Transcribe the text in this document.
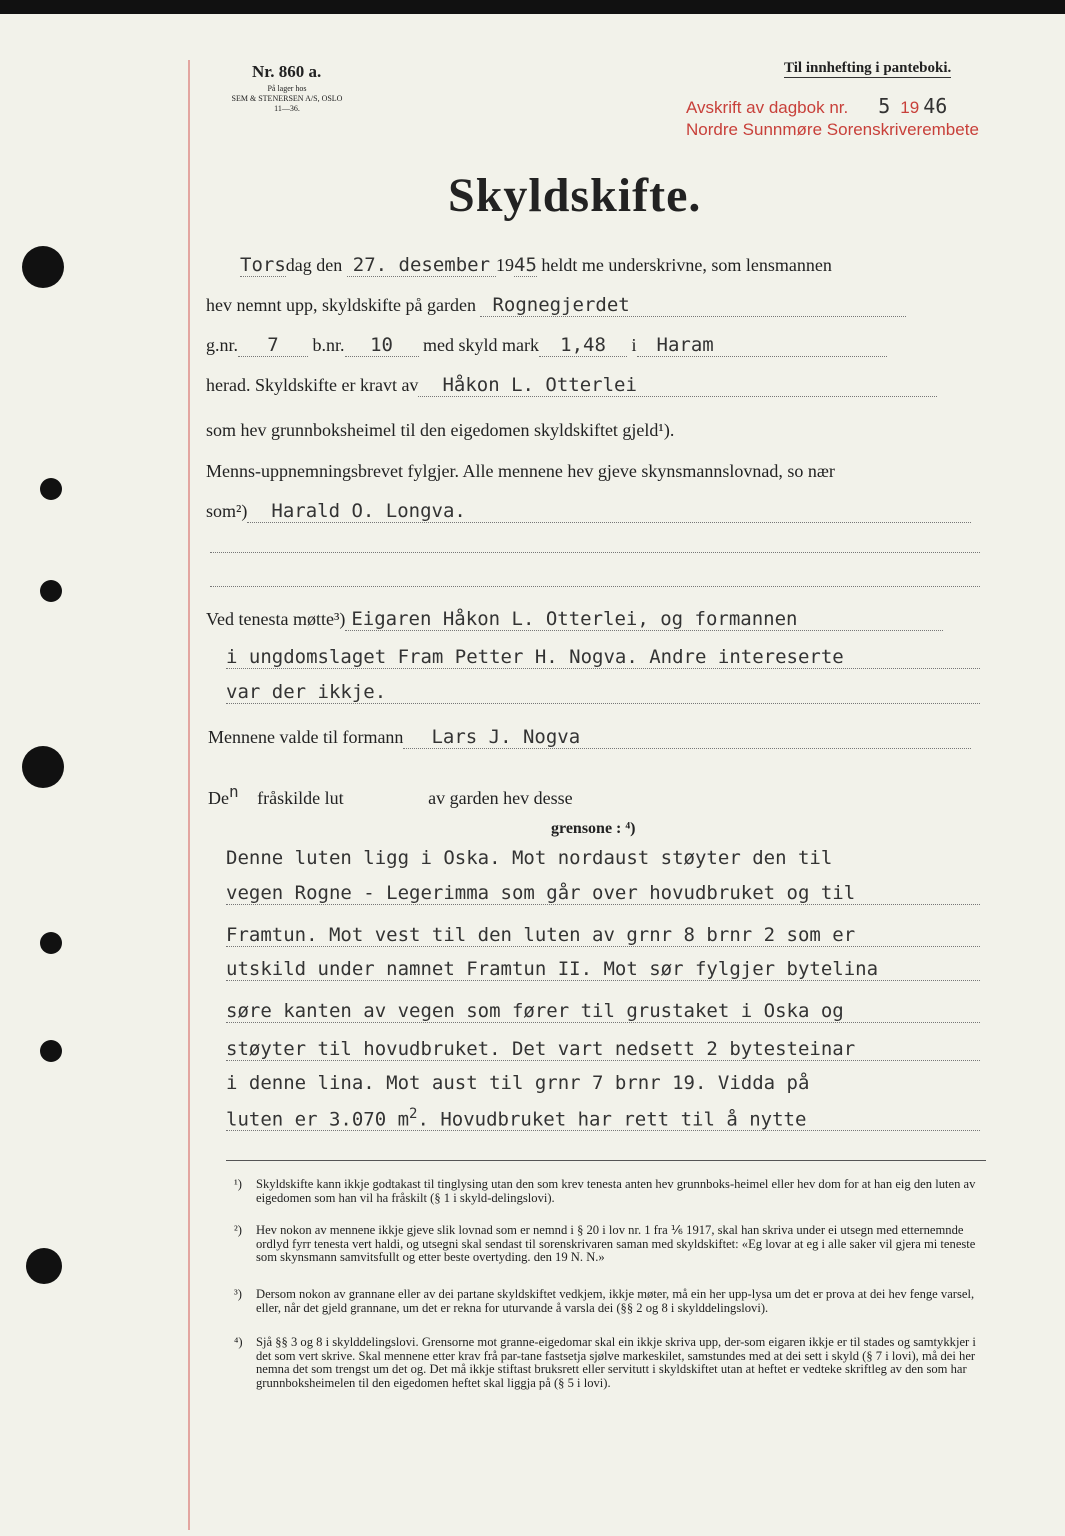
Nr. 860 a.
På lager hos
SEM & STENERSEN A/S, OSLO
11—36.
Til innhefting i panteboki.
Avskrift av dagbok nr. 5 19 46
Nordre Sunnmøre Sorenskriverembete
Skyldskifte.
Torsdag den 27. desember 1945 heldt me underskrivne, som lensmannen
hev nemnt upp, skyldskifte på garden Rognegjerdet
g.nr. 7 b.nr. 10 med skyld mark 1,48 i Haram
herad. Skyldskifte er kravt av Håkon L. Otterlei
som hev grunnboksheimel til den eigedomen skyldskiftet gjeld¹).
Menns-uppnemningsbrevet fylgjer. Alle mennene hev gjeve skynsmannslovnad, so nær
som²) Harald O. Longva.
Ved tenesta møtte³) Eigaren Håkon L. Otterlei, og formannen
i ungdomslaget Fram Petter H. Nogva. Andre intereserte
var der ikkje.
Mennene valde til formann Lars J. Nogva
De$^n$ fråskilde lut	av garden hev desse
grensone : ⁴)
Denne luten ligg i Oska. Mot nordaust støyter den til
vegen Rogne - Legerimma som går over hovudbruket og til
Framtun. Mot vest til den luten av grnr 8 brnr 2 som er
utskild under namnet Framtun II. Mot sør fylgjer bytelina
søre kanten av vegen som fører til grustaket i Oska og
støyter til hovudbruket. Det vart nedsett 2 bytesteinar
i denne lina. Mot aust til grnr 7 brnr 19. Vidda på
luten er 3.070 $m^2$. Hovudbruket har rett til å nytte
¹) Skyldskifte kann ikkje godtakast til tinglysing utan den som krev tenesta anten hev grunnboks-heimel eller hev dom for at han eig den luten av eigedomen som han vil ha fråskilt (§ 1 i skyld-delingslovi).
²) Hev nokon av mennene ikkje gjeve slik lovnad som er nemnd i § 20 i lov nr. 1 fra ⅙ 1917, skal han skriva under ei utsegn med etternemnde ordlyd fyrr tenesta vert haldi, og utsegni skal sendast til sorenskrivaren saman med skyldskiftet: «Eg lovar at eg i alle saker vil gjera mi teneste som skynsmann samvitsfullt og etter beste overtyding. den 19 N. N.»
³) Dersom nokon av grannane eller av dei partane skyldskiftet vedkjem, ikkje møter, må ein her upp-lysa um det er prova at dei hev fenge varsel, eller, når det gjeld grannane, um det er rekna for uturvande å varsla dei (§§ 2 og 8 i skylddelingslovi).
⁴) Sjå §§ 3 og 8 i skylddelingslovi. Grensorne mot granne-eigedomar skal ein ikkje skriva upp, der-som eigaren ikkje er til stades og samtykkjer i det som vert skrive. Skal mennene etter krav frå par-tane fastsetja sjølve markeskilet, samstundes med at dei sett i skyld (§ 7 i lovi), må dei her nemna det som trengst um det og. Det må ikkje stiftast bruksrett eller servitutt i skyldskiftet utan at heftet er vedteke skriftleg av den som har grunnboksheimelen til den eigedomen heftet skal liggja på (§ 5 i lovi).
